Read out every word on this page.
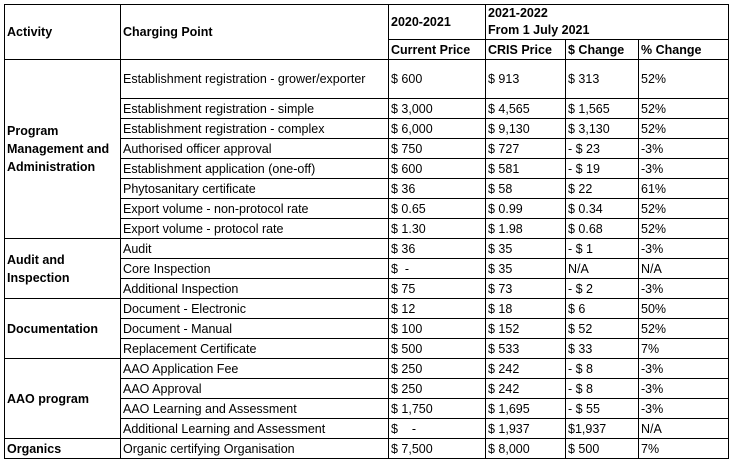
Activity	Charging Point	2020-2021	2021-2022
From 1 July 2021		

		Current Price	CRIS Price	$ Change	% Change
Program Management and Administration	Establishment registration - grower/exporter	$ 600	$ 913	$ 313	52%
	Establishment registration - simple	$ 3,000	$ 4,565	$ 1,565	52%
	Establishment registration - complex	$ 6,000	$ 9,130	$ 3,130	52%
	Authorised officer approval	$ 750	$ 727	- $ 23	-3%
	Establishment application (one-off)	$ 600	$ 581	- $ 19	-3%
	Phytosanitary certificate	$ 36	$ 58	$ 22	61%
	Export volume - non-protocol rate	$ 0.65	$ 0.99	$ 0.34	52%
	Export volume - protocol rate	$ 1.30	$ 1.98	$ 0.68	52%
Audit and Inspection	Audit	$ 36	$ 35	- $ 1	-3%
	Core Inspection	$  -	$ 35	N/A	N/A
	Additional Inspection	$ 75	$ 73	- $ 2	-3%
Documentation	Document - Electronic	$ 12	$ 18	$ 6	50%
	Document - Manual	$ 100	$ 152	$ 52	52%
	Replacement Certificate	$ 500	$ 533	$ 33	7%
AAO program	AAO Application Fee	$ 250	$ 242	- $ 8	-3%
	AAO Approval	$ 250	$ 242	- $ 8	-3%
	AAO Learning and Assessment	$ 1,750	$ 1,695	- $ 55	-3%
	Additional Learning and Assessment	$    -	$ 1,937	$1,937	N/A
Organics	Organic certifying Organisation	$ 7,500	$ 8,000	$ 500	7%
